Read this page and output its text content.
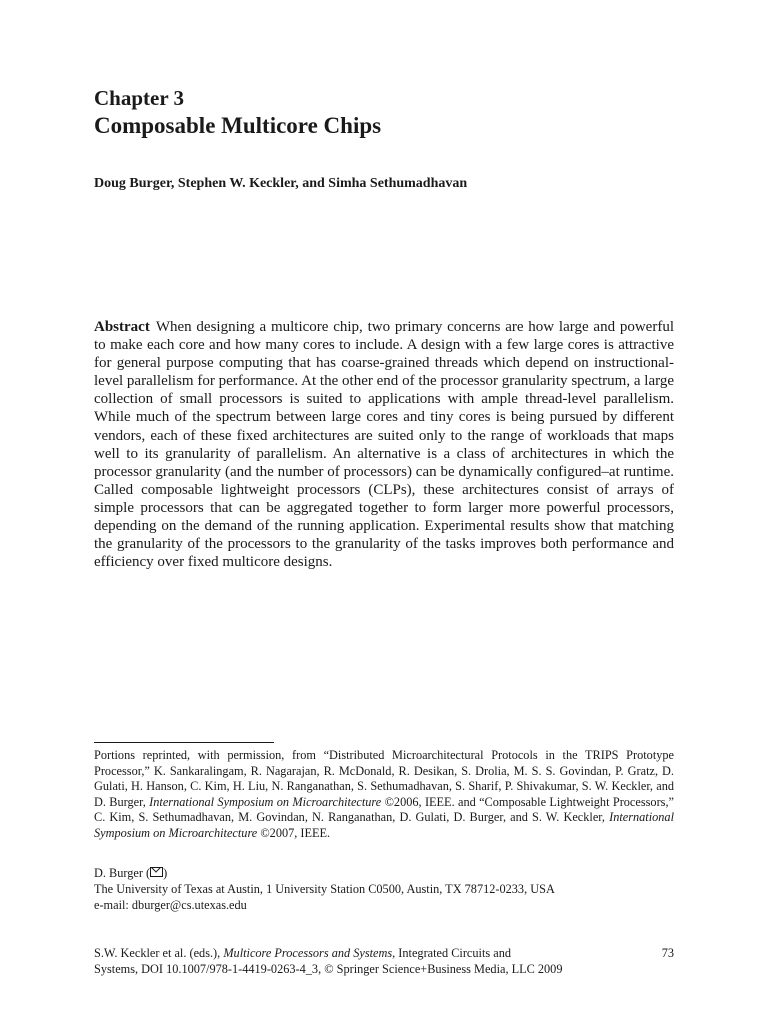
Chapter 3
Composable Multicore Chips
Doug Burger, Stephen W. Keckler, and Simha Sethumadhavan
Abstract When designing a multicore chip, two primary concerns are how large and powerful to make each core and how many cores to include. A design with a few large cores is attractive for general purpose computing that has coarse-grained threads which depend on instructional-level parallelism for performance. At the other end of the processor granularity spectrum, a large collection of small processors is suited to applications with ample thread-level parallelism. While much of the spectrum between large cores and tiny cores is being pursued by different vendors, each of these fixed architectures are suited only to the range of workloads that maps well to its granularity of parallelism. An alternative is a class of architectures in which the processor granularity (and the number of processors) can be dynamically configured–at runtime. Called composable lightweight processors (CLPs), these architectures consist of arrays of simple processors that can be aggregated together to form larger more powerful processors, depending on the demand of the running application. Experimental results show that matching the granularity of the processors to the granularity of the tasks improves both performance and efficiency over fixed multicore designs.
Portions reprinted, with permission, from “Distributed Microarchitectural Protocols in the TRIPS Prototype Processor,” K. Sankaralingam, R. Nagarajan, R. McDonald, R. Desikan, S. Drolia, M. S. S. Govindan, P. Gratz, D. Gulati, H. Hanson, C. Kim, H. Liu, N. Ranganathan, S. Sethumadhavan, S. Sharif, P. Shivakumar, S. W. Keckler, and D. Burger, International Symposium on Microarchitecture ©2006, IEEE. and “Composable Lightweight Processors,” C. Kim, S. Sethumadhavan, M. Govindan, N. Ranganathan, D. Gulati, D. Burger, and S. W. Keckler, International Symposium on Microarchitecture ©2007, IEEE.
D. Burger ( )
The University of Texas at Austin, 1 University Station C0500, Austin, TX 78712-0233, USA
e-mail: dburger@cs.utexas.edu
S.W. Keckler et al. (eds.), Multicore Processors and Systems, Integrated Circuits and	73
Systems, DOI 10.1007/978-1-4419-0263-4_3, © Springer Science+Business Media, LLC 2009
